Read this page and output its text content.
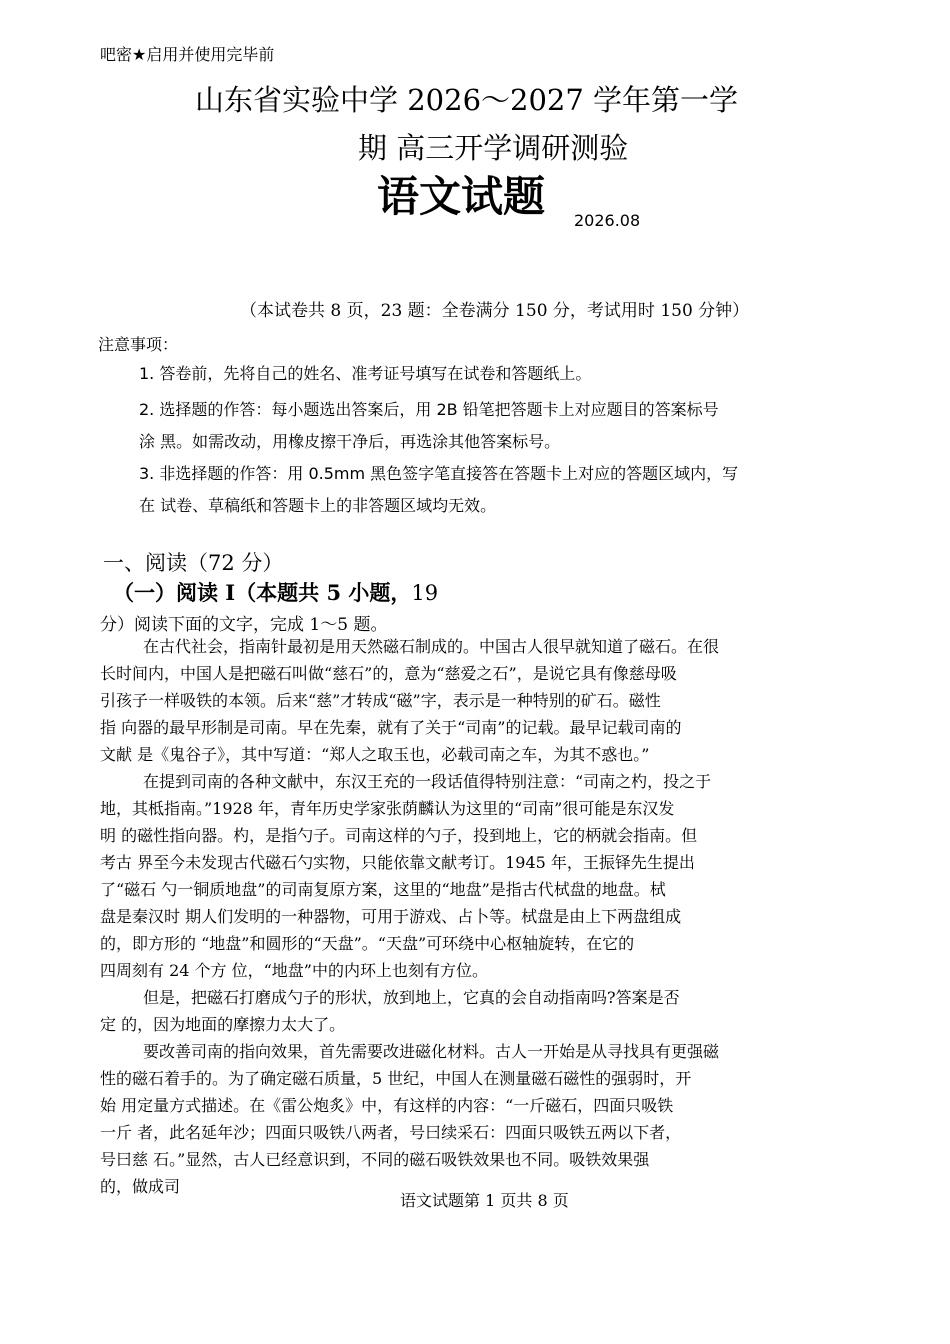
吧密★启用并使用完毕前
山东省实验中学 2026～2027 学年第一学
期 高三开学调研测验
语文试题 2026.08
（本试卷共 8 页，23 题：全卷满分 150 分，考试用时 150 分钟）
注意事项：

1. 答卷前，先将自己的姓名、准考证号填写在试卷和答题纸上。

2. 选择题的作答：每小题选出答案后，用 2B 铅笔把答题卡上对应题目的答案标号

涂 黑。如需改动，用橡皮擦干净后，再选涂其他答案标号。

3. 非选择题的作答：用 0.5mm 黑色签字笔直接答在答题卡上对应的答题区域内，写

在 试卷、草稿纸和答题卡上的非答题区域均无效。

一、阅读（72 分）
（一）阅读 I（本题共 5 小题，19
分）阅读下面的文字，完成 1～5 题。

在古代社会，指南针最初是用天然磁石制成的。中国古人很早就知道了磁石。在很

长时间内，中国人是把磁石叫做“慈石”的，意为“慈爱之石”，是说它具有像慈母吸

引孩子一样吸铁的本领。后来“慈”才转成“磁”字，表示是一种特别的矿石。磁性

指 向器的最早形制是司南。早在先秦，就有了关于“司南”的记载。最早记载司南的

文献 是《鬼谷子》，其中写道：“郑人之取玉也，必载司南之车，为其不惑也。”

在提到司南的各种文献中，东汉王充的一段话值得特别注意：“司南之杓，投之于

地，其柢指南。”1928 年，青年历史学家张荫麟认为这里的“司南”很可能是东汉发

明 的磁性指向器。杓，是指勺子。司南这样的勺子，投到地上，它的柄就会指南。但

考古 界至今未发现古代磁石勺实物，只能依靠文献考订。1945 年，王振铎先生提出

了“磁石 勺一铜质地盘”的司南复原方案，这里的“地盘”是指古代栻盘的地盘。栻

盘是秦汉时 期人们发明的一种器物，可用于游戏、占卜等。栻盘是由上下两盘组成

的，即方形的 “地盘”和圆形的“天盘”。“天盘”可环绕中心枢轴旋转，在它的

四周刻有 24 个方 位，“地盘”中的内环上也刻有方位。

但是，把磁石打磨成勺子的形状，放到地上，它真的会自动指南吗?答案是否

定 的，因为地面的摩擦力太大了。

要改善司南的指向效果，首先需要改进磁化材料。古人一开始是从寻找具有更强磁

性的磁石着手的。为了确定磁石质量，5 世纪，中国人在测量磁石磁性的强弱时，开

始 用定量方式描述。在《雷公炮炙》中，有这样的内容：“一斤磁石，四面只吸铁

一斤 者，此名延年沙；四面只吸铁八两者，号曰续采石：四面只吸铁五两以下者，

号曰慈 石。”显然，古人已经意识到，不同的磁石吸铁效果也不同。吸铁效果强

的，做成司

语文试题第 1 页共 8 页
